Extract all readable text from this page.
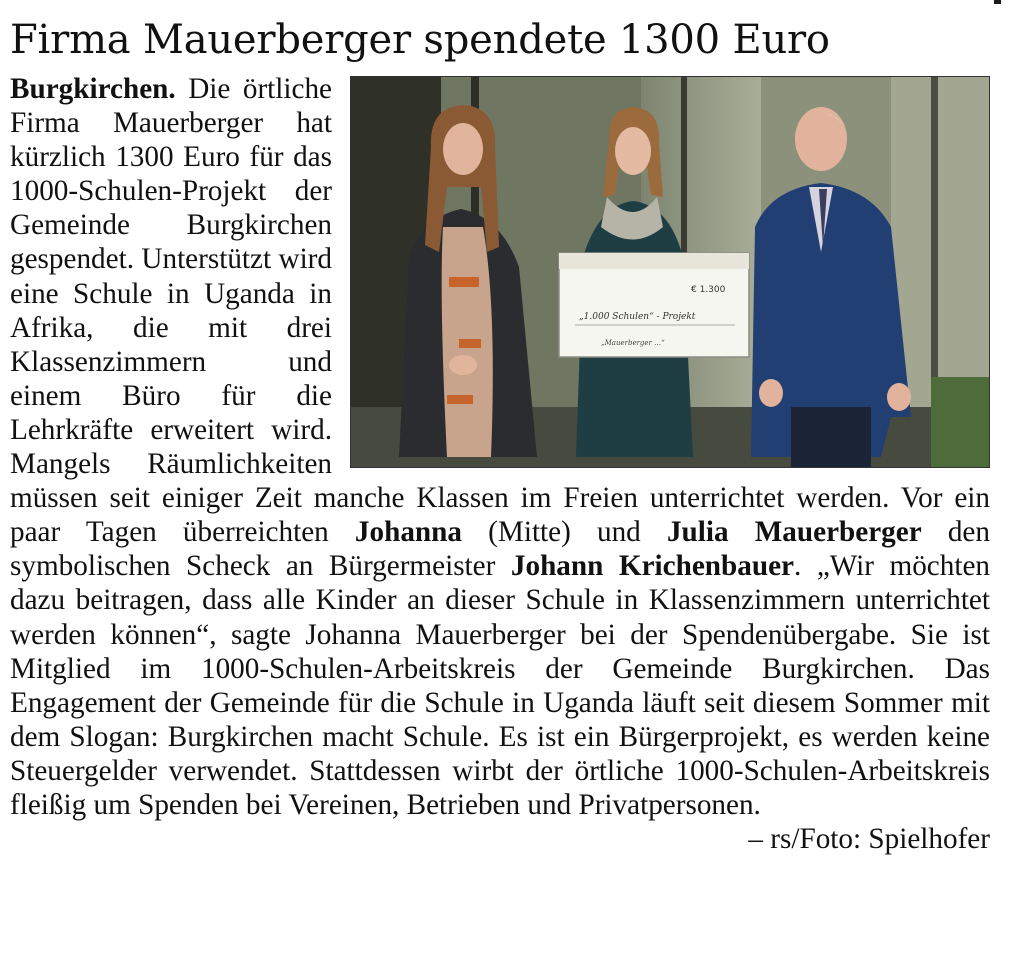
Firma Mauerberger spendete 1300 Euro
€ 1.300
„1.000 Schulen“ - Projekt
„Mauerberger …“

Burgkirchen. Die örtliche Firma Mauerberger hat kürzlich 1300 Euro für das 1000-Schulen-Projekt der Gemeinde Burgkirchen gespendet. Unterstützt wird eine Schule in Uganda in Afrika, die mit drei Klassenzimmern und einem Büro für die Lehrkräfte erweitert wird. Mangels Räumlichkeiten müssen seit einiger Zeit manche Klassen im Freien unterrichtet werden. Vor ein paar Tagen überreichten Johanna (Mitte) und Julia Mauerberger den symbolischen Scheck an Bürgermeister Johann Krichenbauer. „Wir möchten dazu beitragen, dass alle Kinder an dieser Schule in Klassenzimmern unterrichtet werden können“, sagte Johanna Mauerberger bei der Spendenübergabe. Sie ist Mitglied im 1000-Schulen-Arbeitskreis der Gemeinde Burgkirchen. Das Engagement der Gemeinde für die Schule in Uganda läuft seit diesem Sommer mit dem Slogan: Burgkirchen macht Schule. Es ist ein Bürgerprojekt, es werden keine Steuergelder verwendet. Stattdessen wirbt der örtliche 1000-Schulen-Arbeitskreis fleißig um Spenden bei Vereinen, Betrieben und Privatpersonen.
– rs/Foto: Spielhofer
